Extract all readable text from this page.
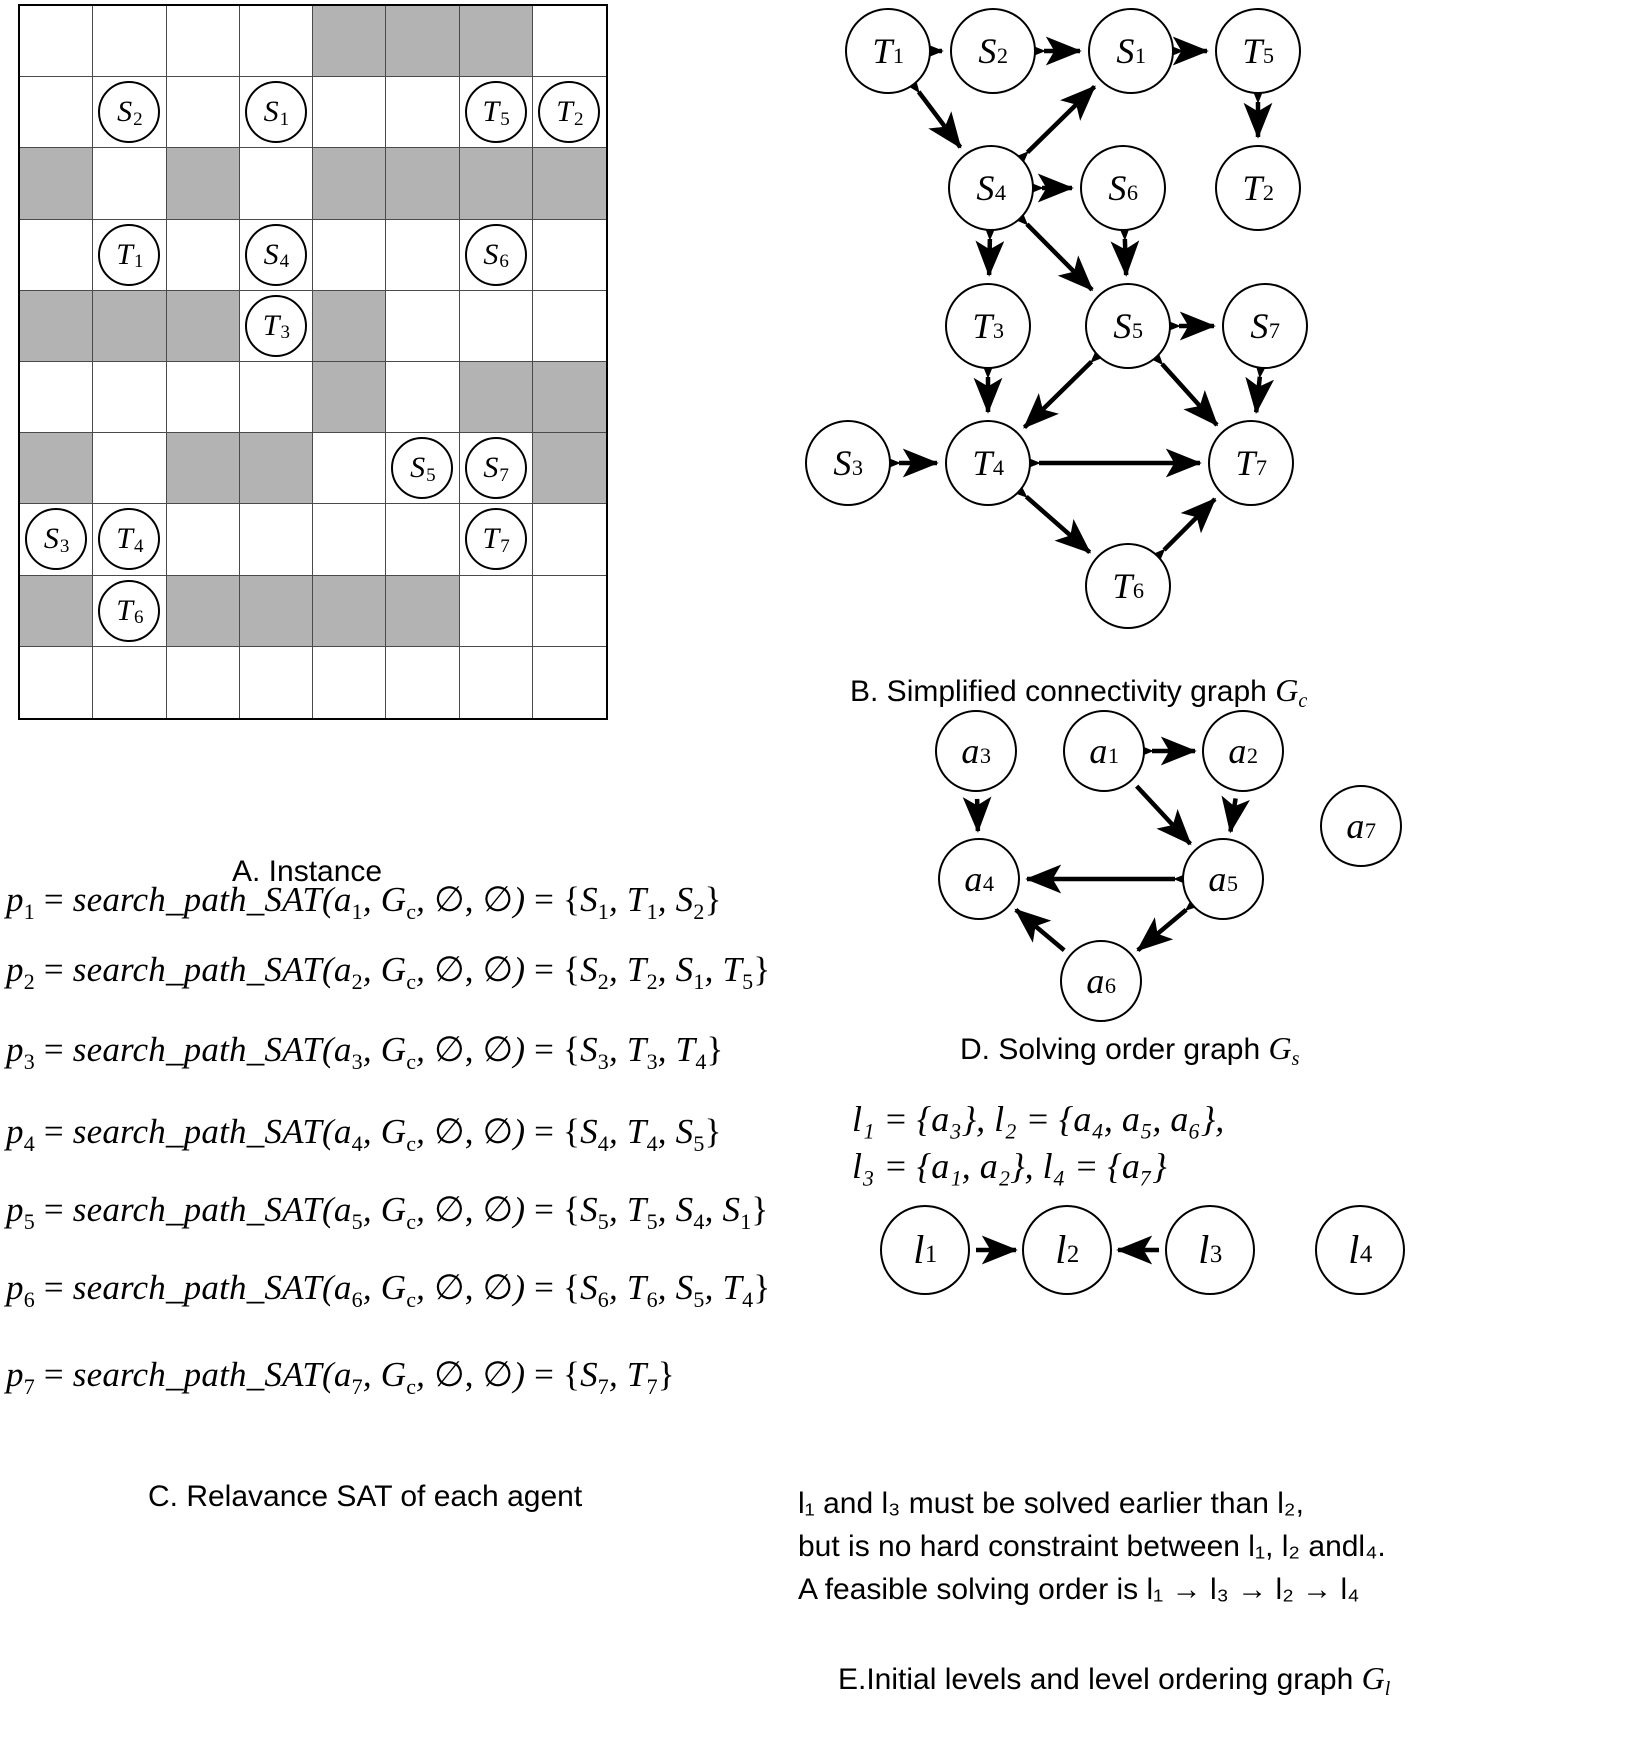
S 2	S 1	T 5 T 2
T 1	S 4	S 6
T 3
S 5 S 7
S 3 T 4	T 7
T 6
A. Instance
T 1 S 2	S 1	T 5
S 4	S 6	T 2
T 3	S 5	S 7
S 3	T 4	T 7
T 6
B. Simplified connectivity graph Gc
a 3	a 1	a 2
a 7
a 4	a 5
a 6
D. Solving order graph Gs
$p_1$ = $search\_path\_SAT(a_1$, $G_c$, ∅, ∅) = {$S_1$, $T_1$, $S_2$}
$p_2$ = $search\_path\_SAT(a_2$, $G_c$, ∅, ∅) = {$S_2$, $T_2$, $S_1$, $T_5$}
$p_3$ = $search\_path\_SAT(a_3$, $G_c$, ∅, ∅) = {$S_3$, $T_3$, $T_4$}
$p_4$ = $search\_path\_SAT(a_4$, $G_c$, ∅, ∅) = {$S_4$, $T_4$, $S_5$}
$p_5$ = $search\_path\_SAT(a_5$, $G_c$, ∅, ∅) = {$S_5$, $T_5$, $S_4$, $S_1$}
$p_6$ = $search\_path\_SAT(a_6$, $G_c$, ∅, ∅) = {$S_6$, $T_6$, $S_5$, $T_4$}
$p_7$ = $search\_path\_SAT(a_7$, $G_c$, ∅, ∅) = {$S_7$, $T_7$}
C. Relavance SAT of each agent
l₁ = {a₃}, l₂ = {a₄, a₅, a₆},
l₃ = {a₁, a₂}, l₄ = {a₇}
l 1	l 2	l 3	l 4
l₁ and l₃ must be solved earlier than l₂,
but is no hard constraint between l₁, l₂ andl₄.
A feasible solving order is l₁ → l₃ → l₂ → l₄
E.Initial levels and level ordering graph Gl
